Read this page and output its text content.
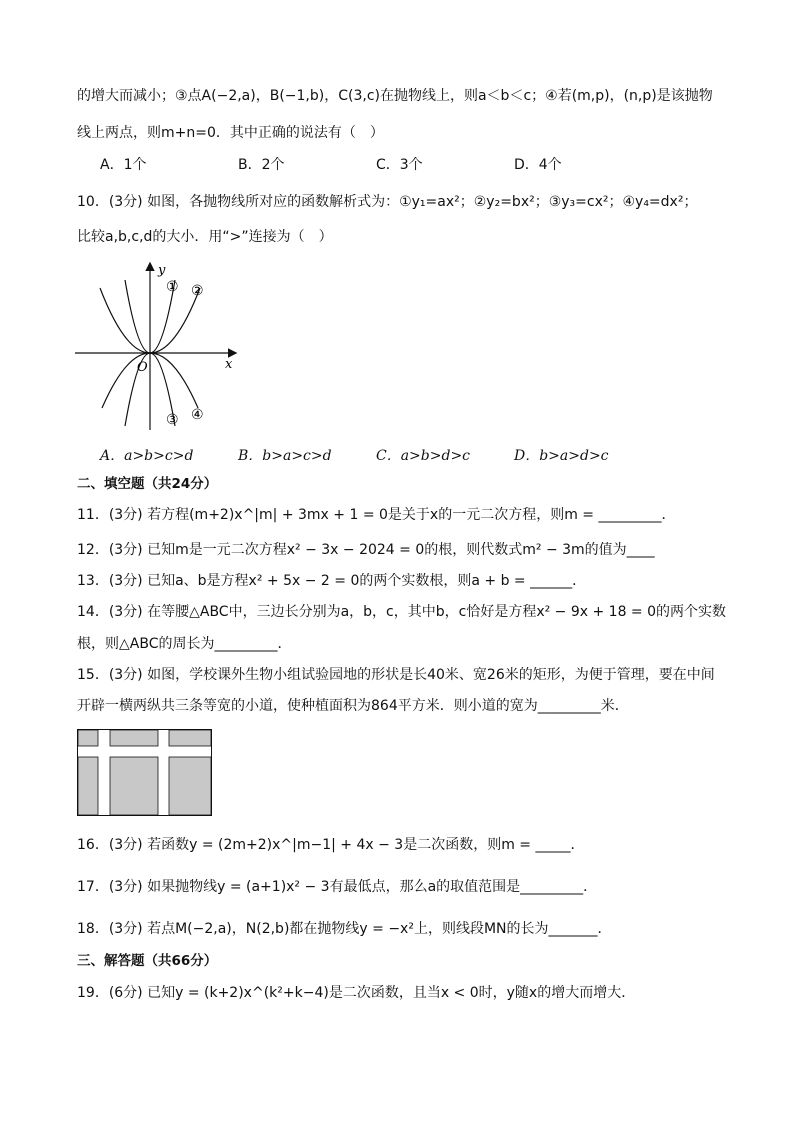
的增大而减小；③点A(−2,a)，B(−1,b)，C(3,c)在抛物线上，则a＜b＜c；④若(m,p)，(n,p)是该抛物
线上两点，则m+n=0．其中正确的说法有（　）
A．1个	B．2个	C．3个	D．4个
10．(3分) 如图，各抛物线所对应的函数解析式为：①y₁=ax²；②y₂=bx²；③y₃=cx²；④y₄=dx²；
比较a,b,c,d的大小．用“>”连接为（　）
y
x
O
① ②
③ ④
A．a>b>c>d	B．b>a>c>d	C．a>b>d>c	D．b>a>d>c
二、填空题（共24分）
11．(3分) 若方程(m+2)x^|m| + 3mx + 1 = 0是关于x的一元二次方程，则m = _________．
12．(3分) 已知m是一元二次方程x² − 3x − 2024 = 0的根，则代数式m² − 3m的值为____
13．(3分) 已知a、b是方程x² + 5x − 2 = 0的两个实数根，则a + b = ______．
14．(3分) 在等腰△ABC中，三边长分别为a，b，c，其中b，c恰好是方程x² − 9x + 18 = 0的两个实数
根，则△ABC的周长为_________．
15．(3分) 如图，学校课外生物小组试验园地的形状是长40米、宽26米的矩形，为便于管理，要在中间
开辟一横两纵共三条等宽的小道，使种植面积为864平方米．则小道的宽为_________米．
16．(3分) 若函数y = (2m+2)x^|m−1| + 4x − 3是二次函数，则m = _____．
17．(3分) 如果抛物线y = (a+1)x² − 3有最低点，那么a的取值范围是_________．
18．(3分) 若点M(−2,a)，N(2,b)都在抛物线y = −x²上，则线段MN的长为_______．
三、解答题（共66分）
19．(6分) 已知y = (k+2)x^(k²+k−4)是二次函数，且当x < 0时，y随x的增大而增大．
